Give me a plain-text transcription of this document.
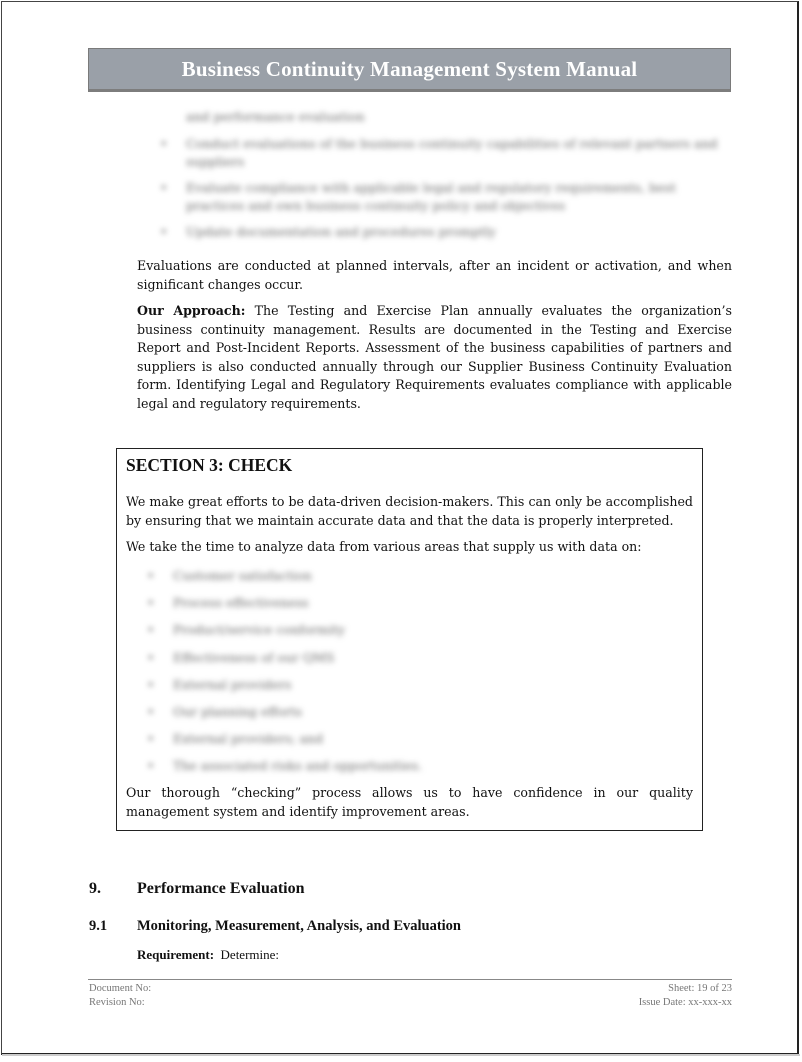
Business Continuity Management System Manual
and performance evaluation
• Conduct evaluations of the business continuity capabilities of relevant partners and suppliers
• Evaluate compliance with applicable legal and regulatory requirements, best practices and own business continuity policy and objectives
• Update documentation and procedures promptly
Evaluations are conducted at planned intervals, after an incident or activation, and when significant changes occur.
Our Approach: The Testing and Exercise Plan annually evaluates the organization’s business continuity management. Results are documented in the Testing and Exercise Report and Post-Incident Reports. Assessment of the business capabilities of partners and suppliers is also conducted annually through our Supplier Business Continuity Evaluation form. Identifying Legal and Regulatory Requirements evaluates compliance with applicable legal and regulatory requirements.
SECTION 3: CHECK
We make great efforts to be data-driven decision-makers. This can only be accomplished by ensuring that we maintain accurate data and that the data is properly interpreted.
We take the time to analyze data from various areas that supply us with data on:
• Customer satisfaction
• Process effectiveness
• Product/service conformity
• Effectiveness of our QMS
• External providers
• Our planning efforts
• External providers; and
• The associated risks and opportunities.
Our thorough “checking” process allows us to have confidence in our quality management system and identify improvement areas.
9. Performance Evaluation
9.1 Monitoring, Measurement, Analysis, and Evaluation
Requirement:  Determine:
Document No:	Sheet: 19 of 23
Revision No:	Issue Date: xx-xxx-xx
